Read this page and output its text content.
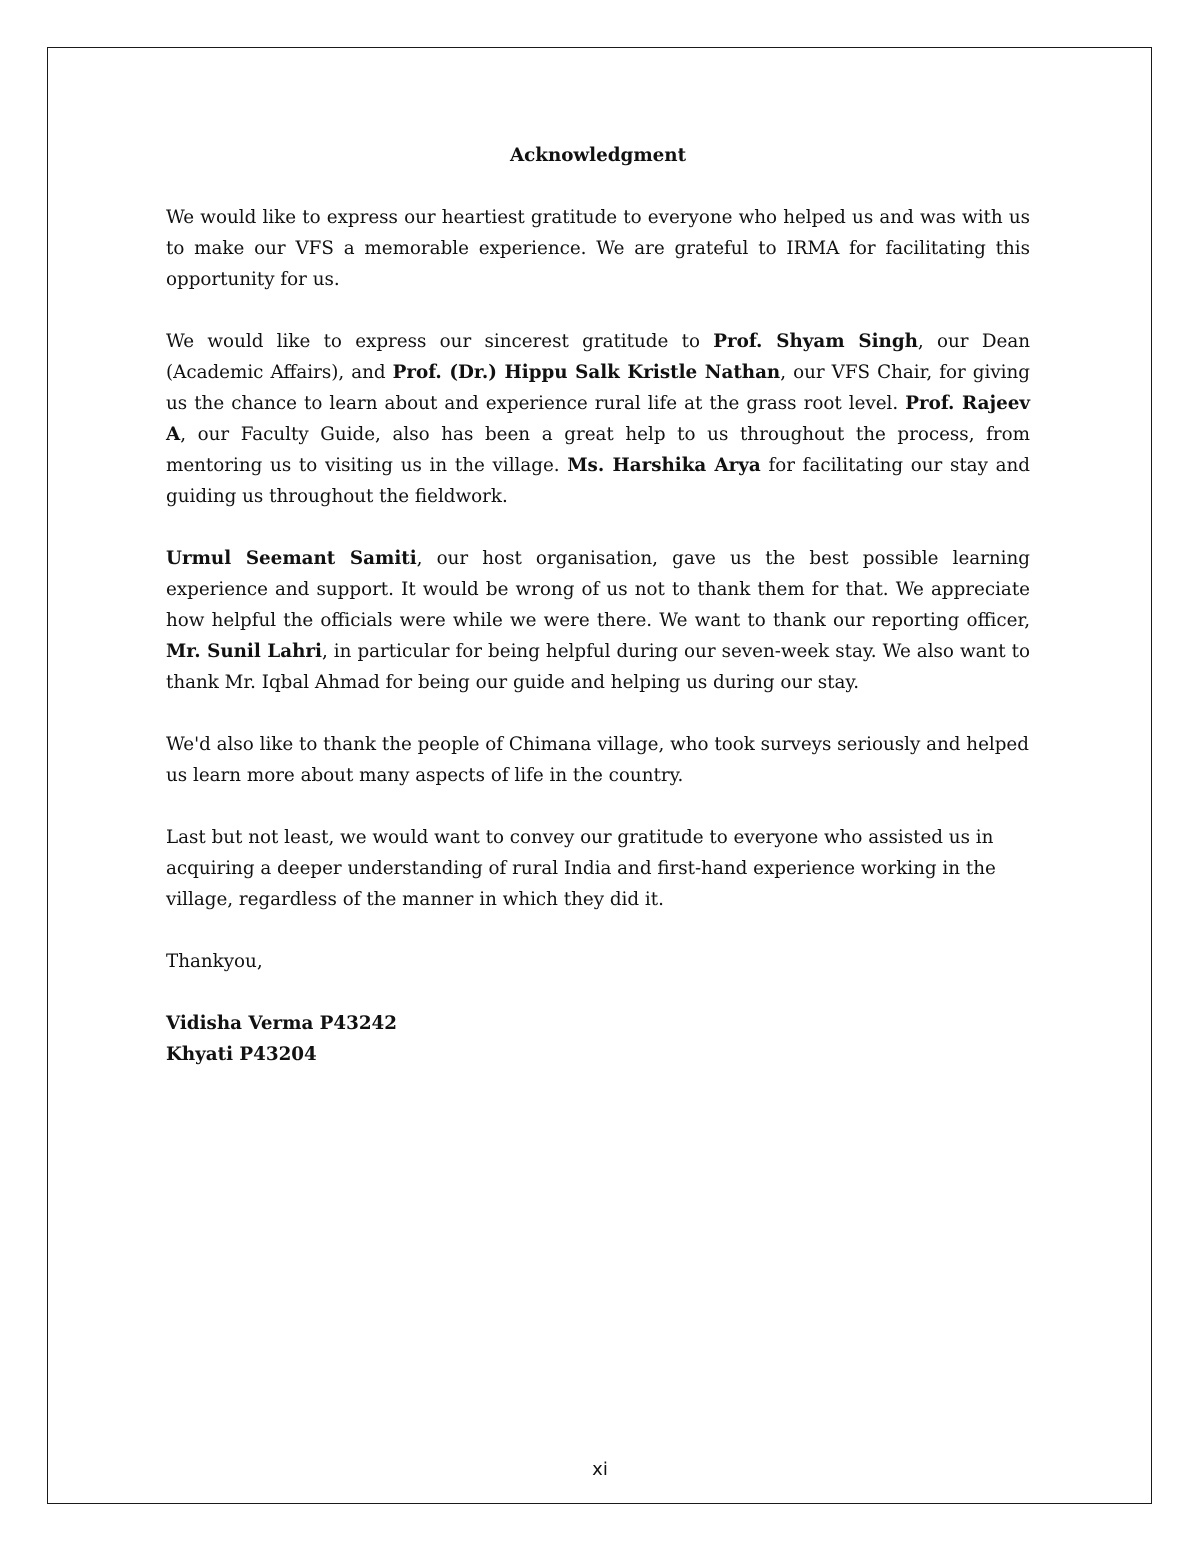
Acknowledgment

We would like to express our heartiest gratitude to everyone who helped us and was with us to make our VFS a memorable experience. We are grateful to IRMA for facilitating this opportunity for us.

We would like to express our sincerest gratitude to Prof. Shyam Singh, our Dean (Academic Affairs), and Prof. (Dr.) Hippu Salk Kristle Nathan, our VFS Chair, for giving us the chance to learn about and experience rural life at the grass root level. Prof. Rajeev A, our Faculty Guide, also has been a great help to us throughout the process, from mentoring us to visiting us in the village. Ms. Harshika Arya for facilitating our stay and guiding us throughout the fieldwork.

Urmul Seemant Samiti, our host organisation, gave us the best possible learning experience and support. It would be wrong of us not to thank them for that. We appreciate how helpful the officials were while we were there. We want to thank our reporting officer, Mr. Sunil Lahri, in particular for being helpful during our seven-week stay. We also want to thank Mr. Iqbal Ahmad for being our guide and helping us during our stay.

We'd also like to thank the people of Chimana village, who took surveys seriously and helped us learn more about many aspects of life in the country.

Last but not least, we would want to convey our gratitude to everyone who assisted us in acquiring a deeper understanding of rural India and first-hand experience working in the village, regardless of the manner in which they did it.

Thankyou,

Vidisha Verma P43242
Khyati P43204

xi
